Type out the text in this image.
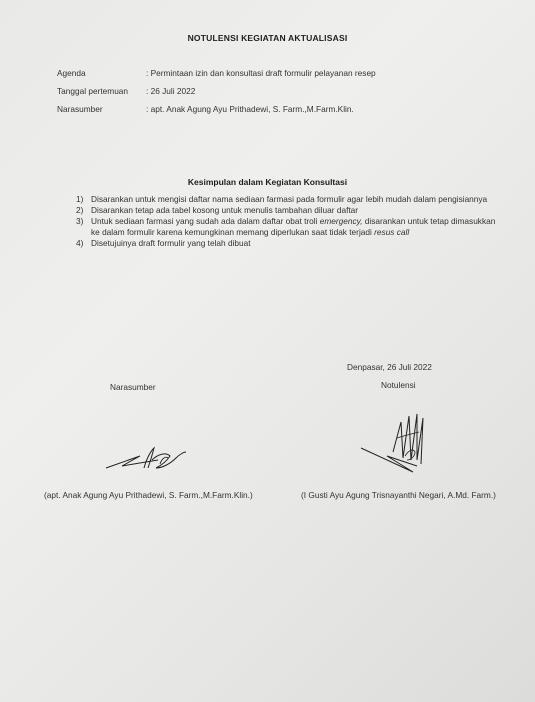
NOTULENSI KEGIATAN AKTUALISASI
Agenda	: Permintaan izin dan konsultasi draft formulir pelayanan resep
Tanggal pertemuan	: 26 Juli 2022
Narasumber	: apt. Anak Agung Ayu Prithadewi, S. Farm.,M.Farm.Klin.
Kesimpulan dalam Kegiatan Konsultasi
1) Disarankan untuk mengisi daftar nama sediaan farmasi pada formulir agar lebih mudah dalam pengisiannya
2) Disarankan tetap ada tabel kosong untuk menulis tambahan diluar daftar
3) Untuk sediaan farmasi yang sudah ada dalam daftar obat troli emergency, disarankan untuk tetap dimasukkan ke dalam formulir karena kemungkinan memang diperlukan saat tidak terjadi resus call
4) Disetujuinya draft formulir yang telah dibuat
Denpasar, 26 Juli 2022
Narasumber	Notulensi
(apt. Anak Agung Ayu Prithadewi, S. Farm.,M.Farm.Klin.)	(I Gusti Ayu Agung Trisnayanthi Negari, A.Md. Farm.)
